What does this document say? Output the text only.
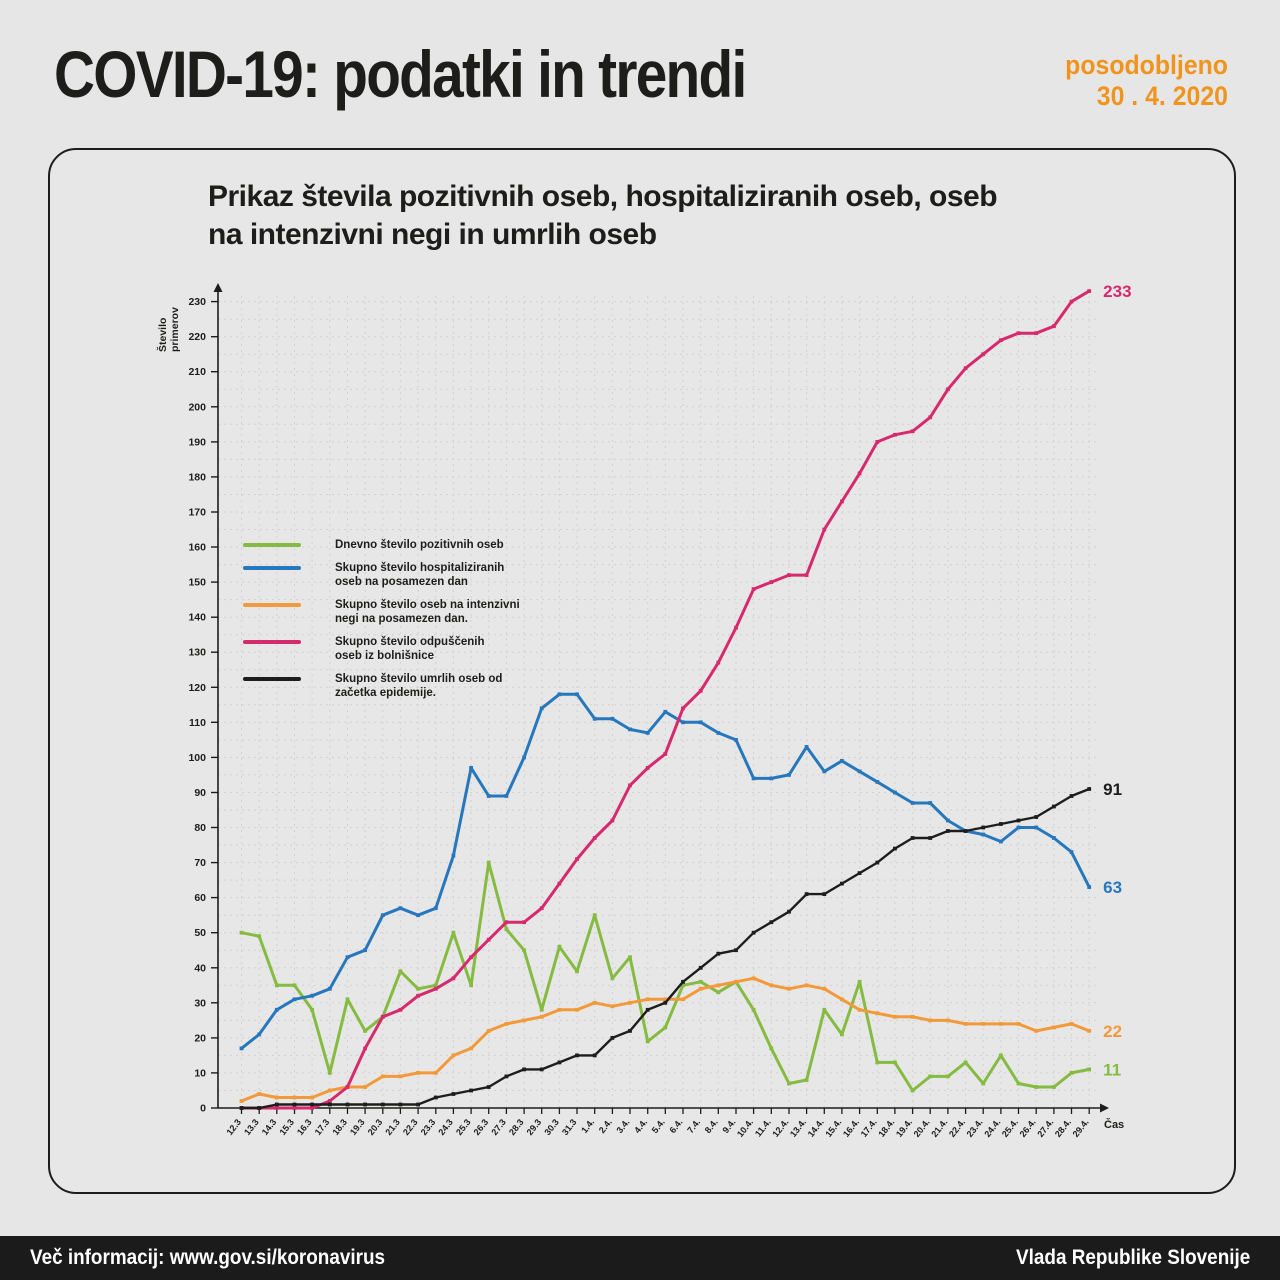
COVID-19: podatki in trendi	posodobljeno
30 . 4. 2020
Prikaz števila pozitivnih oseb, hospitaliziranih oseb, oseb
na intenzivni negi in umrlih oseb
0
10
20
30
40
50
60
70
80
90
100
110
120
130
140
150
160
170
180
190
200
210
220
230
Številoprimerov
12.3 13.3
14.3 15.3
16.3 17.3 18.3
19.3 20.3
21.3 22.3 23.3
24.3 25.3
26.3 27.3 28.3
29.3 30.3
31.3 1.4. 2.4. 3.4. 4.4. 5.4. 6.4. 7.4. 8.4. 9.4.
10.4.
11.4.
12.4.
13.4.
14.4.
15.4.
16.4.
17.4.
18.4.
19.4.
20.4.
21.4.
22.4.
23.4.
24.4.
25.4.
26.4.
27.4.
28.4.
29.4. Čas
11
63
22
233
91
Dnevno število pozitivnih oseb
Skupno število hospitaliziranih
oseb na posamezen dan
Skupno število oseb na intenzivni
negi na posamezen dan.
Skupno število odpuščenih
oseb iz bolnišnice
Skupno število umrlih oseb od
začetka epidemije.
Več informacij: www.gov.si/koronavirus	Vlada Republike Slovenije
